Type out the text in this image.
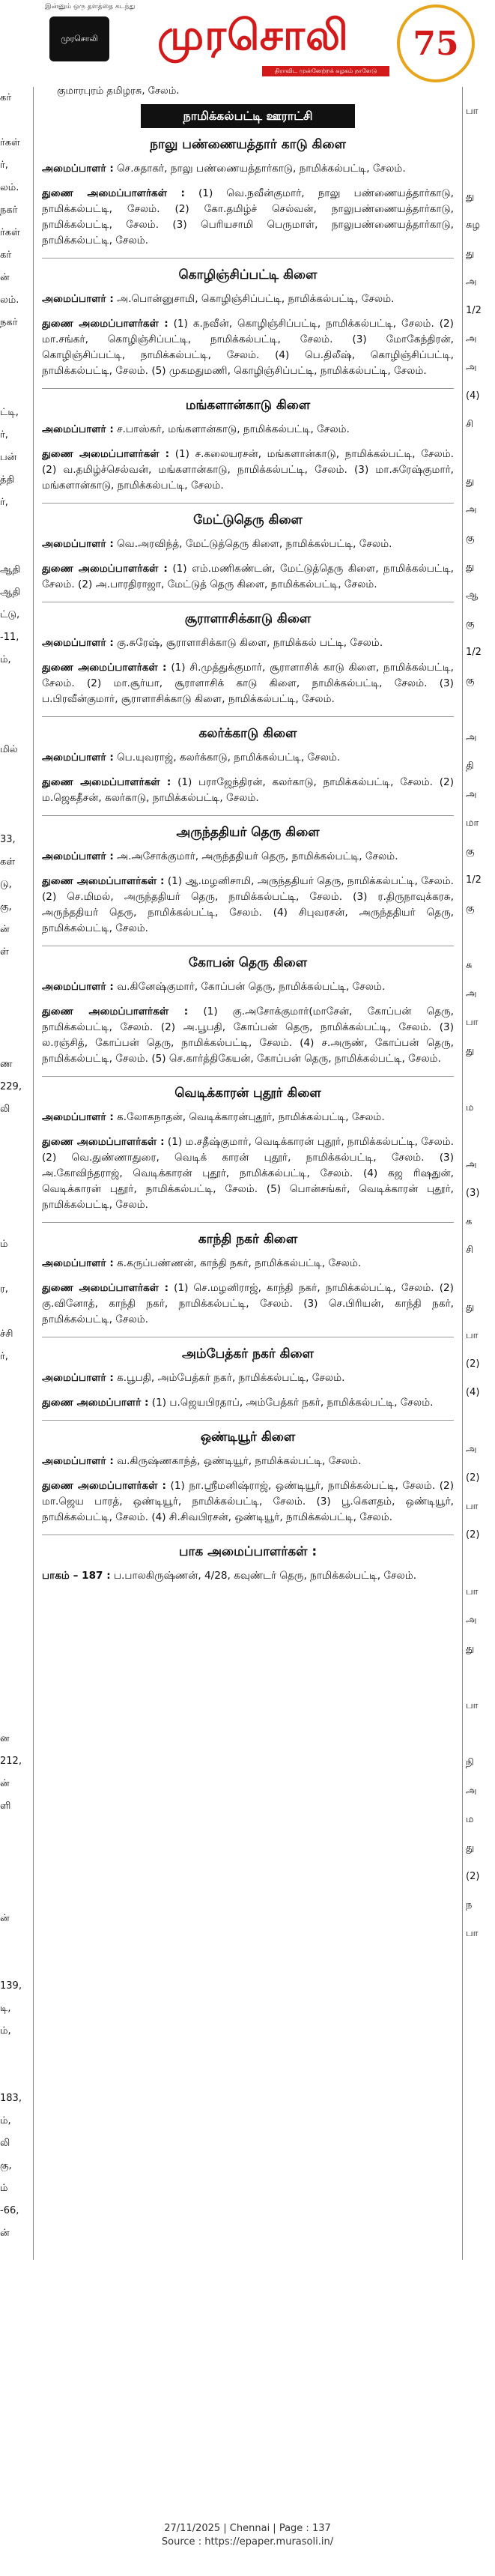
இன்னும் ஒரு தளத்தை கடந்து
முரசொலி முரசொலி
திராவிட முன்னேற்றக் கழகம் நாளேடு
75
கர்
ர்கள்
ர்,
லம்.
நகர்
ர்கள்
கர்
ன்
லம்.
நகர்
ட்டி,
ர்,
பன்
த்தி
ர்,
ஆதி
ஆதி
ட்டு,
-11,
ம்,
மில்
33,
கள்
டு,
கு,
ன்
ள்
ண
229,
லி
ம்
ர,
ச்சி
ர்,
ன
212,
ன்
ளி
ன்
139,
டி,
ம்,
183,
ம்,
லி
கு,
ம்
-66,
ன்
குமாரபுரம் தமிழரசு, சேலம்.
நாமிக்கல்பட்டி ஊராட்சி
நாலு பண்ணையத்தார் காடு கிளை
அமைப்பாளர் : செ.சுதாகர், நாலு பண்ணையத்தார்காடு, நாமிக்கல்பட்டி, சேலம்.
துணை அமைப்பாளர்கள் : (1) வெ.நவீன்குமார், நாலு பண்ணையத்தார்காடு, நாமிக்கல்பட்டி, சேலம். (2) கோ.தமிழ்ச் செல்வன், நாலுபண்ணையத்தார்காடு, நாமிக்கல்பட்டி, சேலம். (3) பெரியசாமி பெருமாள், நாலுபண்ணையத்தார்காடு, நாமிக்கல்பட்டி, சேலம்.
கொழிஞ்சிப்பட்டி கிளை
அமைப்பாளர் : அ.பொன்னுசாமி, கொழிஞ்சிப்பட்டி, நாமிக்கல்பட்டி, சேலம்.
துணை அமைப்பாளர்கள் : (1) க.நவீன், கொழிஞ்சிப்பட்டி, நாமிக்கல்பட்டி, சேலம். (2) மா.சங்கர், கொழிஞ்சிப்பட்டி, நாமிக்கல்பட்டி, சேலம். (3) மோகேந்திரன், கொழிஞ்சிப்பட்டி, நாமிக்கல்பட்டி, சேலம். (4) பெ.திலீஷ், கொழிஞ்சிப்பட்டி, நாமிக்கல்பட்டி, சேலம். (5) முகமதுமணி, கொழிஞ்சிப்பட்டி, நாமிக்கல்பட்டி, சேலம்.
மங்களான்காடு கிளை
அமைப்பாளர் : ச.பாஸ்கர், மங்களான்காடு, நாமிக்கல்பட்டி, சேலம்.
துணை அமைப்பாளர்கள் : (1) ச.கலையரசன், மங்களான்காடு, நாமிக்கல்பட்டி, சேலம். (2) வ.தமிழ்ச்செல்வன், மங்களான்காடு, நாமிக்கல்பட்டி, சேலம். (3) மா.சுரேஷ்குமார், மங்களான்காடு, நாமிக்கல்பட்டி, சேலம்.
மேட்டுதெரு கிளை
அமைப்பாளர் : வெ.அரவிந்த், மேட்டுத்தெரு கிளை, நாமிக்கல்பட்டி, சேலம்.
துணை அமைப்பாளர்கள் : (1) எம்.மணிகண்டன், மேட்டுத்தெரு கிளை, நாமிக்கல்பட்டி, சேலம். (2) அ.பாரதிராஜா, மேட்டுத் தெரு கிளை, நாமிக்கல்பட்டி, சேலம்.
சூராளாசிக்காடு கிளை
அமைப்பாளர் : கு.சுரேஷ், சூராளாசிக்காடு கிளை, நாமிக்கல் பட்டி, சேலம்.
துணை அமைப்பாளர்கள் : (1) சி.முத்துக்குமார், சூராளாசிக் காடு கிளை, நாமிக்கல்பட்டி, சேலம். (2) மா.சூர்யா, சூராளாசிக் காடு கிளை, நாமிக்கல்பட்டி, சேலம். (3) ப.பிரவீன்குமார், சூராளாசிக்காடு கிளை, நாமிக்கல்பட்டி, சேலம்.
கலர்க்காடு கிளை
அமைப்பாளர் : பெ.யுவராஜ், கலர்க்காடு, நாமிக்கல்பட்டி, சேலம்.
துணை அமைப்பாளர்கள் : (1) பராஜேந்திரன், கலர்காடு, நாமிக்கல்பட்டி, சேலம். (2) ம.ஜெகதீசன், கலர்காடு, நாமிக்கல்பட்டி, சேலம்.
அருந்ததியர் தெரு கிளை
அமைப்பாளர் : அ.அசோக்குமார், அருந்ததியர் தெரு, நாமிக்கல்பட்டி, சேலம்.
துணை அமைப்பாளர்கள் : (1) ஆ.மழனிசாமி, அருந்ததியர் தெரு, நாமிக்கல்பட்டி, சேலம். (2) செ.மிமல், அருந்ததியர் தெரு, நாமிக்கல்பட்டி, சேலம். (3) ர.திருநாவுக்கரசு, அருந்ததியர் தெரு, நாமிக்கல்பட்டி, சேலம். (4) சிபுவரசன், அருந்ததியர் தெரு, நாமிக்கல்பட்டி, சேலம்.
கோபன் தெரு கிளை
அமைப்பாளர் : வ.கினேஷ்குமார், கோப்பன் தெரு, நாமிக்கல்பட்டி, சேலம்.
துணை அமைப்பாளர்கள் : (1) கு.அசோக்குமார்(மாசேன், கோப்பன் தெரு, நாமிக்கல்பட்டி, சேலம். (2) அ.பூபதி, கோப்பன் தெரு, நாமிக்கல்பட்டி, சேலம். (3) ல.ரஞ்சித், கோப்பன் தெரு, நாமிக்கல்பட்டி, சேலம். (4) ச.அருண், கோப்பன் தெரு, நாமிக்கல்பட்டி, சேலம். (5) செ.கார்த்திகேயன், கோப்பன் தெரு, நாமிக்கல்பட்டி, சேலம்.
வெடிக்காரன் புதூர் கிளை
அமைப்பாளர் : க.லோகநாதன், வெடிக்காரன்புதூர், நாமிக்கல்பட்டி, சேலம்.
துணை அமைப்பாளர்கள் : (1) ம.சதீஷ்குமார், வெடிக்காரன் புதூர், நாமிக்கல்பட்டி, சேலம். (2) வெ.துண்ணாதுரை, வெடிக் காரன் புதூர், நாமிக்கல்பட்டி, சேலம். (3) அ.கோவிந்தராஜ், வெடிக்காரன் புதூர், நாமிக்கல்பட்டி, சேலம். (4) கஜ ரிஷதுன், வெடிக்காரன் புதூர், நாமிக்கல்பட்டி, சேலம். (5) பொன்சங்கர், வெடிக்காரன் புதூர், நாமிக்கல்பட்டி, சேலம்.
காந்தி நகர் கிளை
அமைப்பாளர் : க.கருப்பண்ணன், காந்தி நகர், நாமிக்கல்பட்டி, சேலம்.
துணை அமைப்பாளர்கள் : (1) செ.மழனிராஜ், காந்தி நகர், நாமிக்கல்பட்டி, சேலம். (2) கு.வினோத், காந்தி நகர், நாமிக்கல்பட்டி, சேலம். (3) செ.பிரியன், காந்தி நகர், நாமிக்கல்பட்டி, சேலம்.
அம்பேத்கர் நகர் கிளை
அமைப்பாளர் : க.பூபதி, அம்பேத்கர் நகர், நாமிக்கல்பட்டி, சேலம்.
துணை அமைப்பாளர் : (1) ப.ஜெயபிரதாப், அம்பேத்கர் நகர், நாமிக்கல்பட்டி, சேலம்.
ஒண்டியூர் கிளை
அமைப்பாளர் : வ.கிருஷ்ணகாந்த், ஒண்டியூர், நாமிக்கல்பட்டி, சேலம்.
துணை அமைப்பாளர்கள் : (1) நா.ஸ்ரீமனிஷ்ராஜ், ஒண்டியூர், நாமிக்கல்பட்டி, சேலம். (2) மா.ஜெய பாரத், ஒண்டியூர், நாமிக்கல்பட்டி, சேலம். (3) பூ.கௌதம், ஒண்டியூர், நாமிக்கல்பட்டி, சேலம். (4) சி.சிவபிரசன், ஒண்டியூர், நாமிக்கல்பட்டி, சேலம்.
பாக அமைப்பாளர்கள் :
பாகம் – 187 : ப.பாலகிருஷ்ணன், 4/28, கவுண்டர் தெரு, நாமிக்கல்பட்டி, சேலம்.
பா
து
சுழ
து
அ
1/2
அ
அ
(4)
சி
து
அ
கு
து
ஆ
கு
1/2
கு
அ
தி
அ
மா
கு
1/2
கு
சு
அ
பா
து
ம
அ
(3)
க
சி
து
பா
(2)
(4)
அ
(2)
பா
(2)
பா
அ
து
பா
நி
அ
ம
து
(2)
ந
பா
27/11/2025 | Chennai | Page : 137
Source : https://epaper.murasoli.in/
